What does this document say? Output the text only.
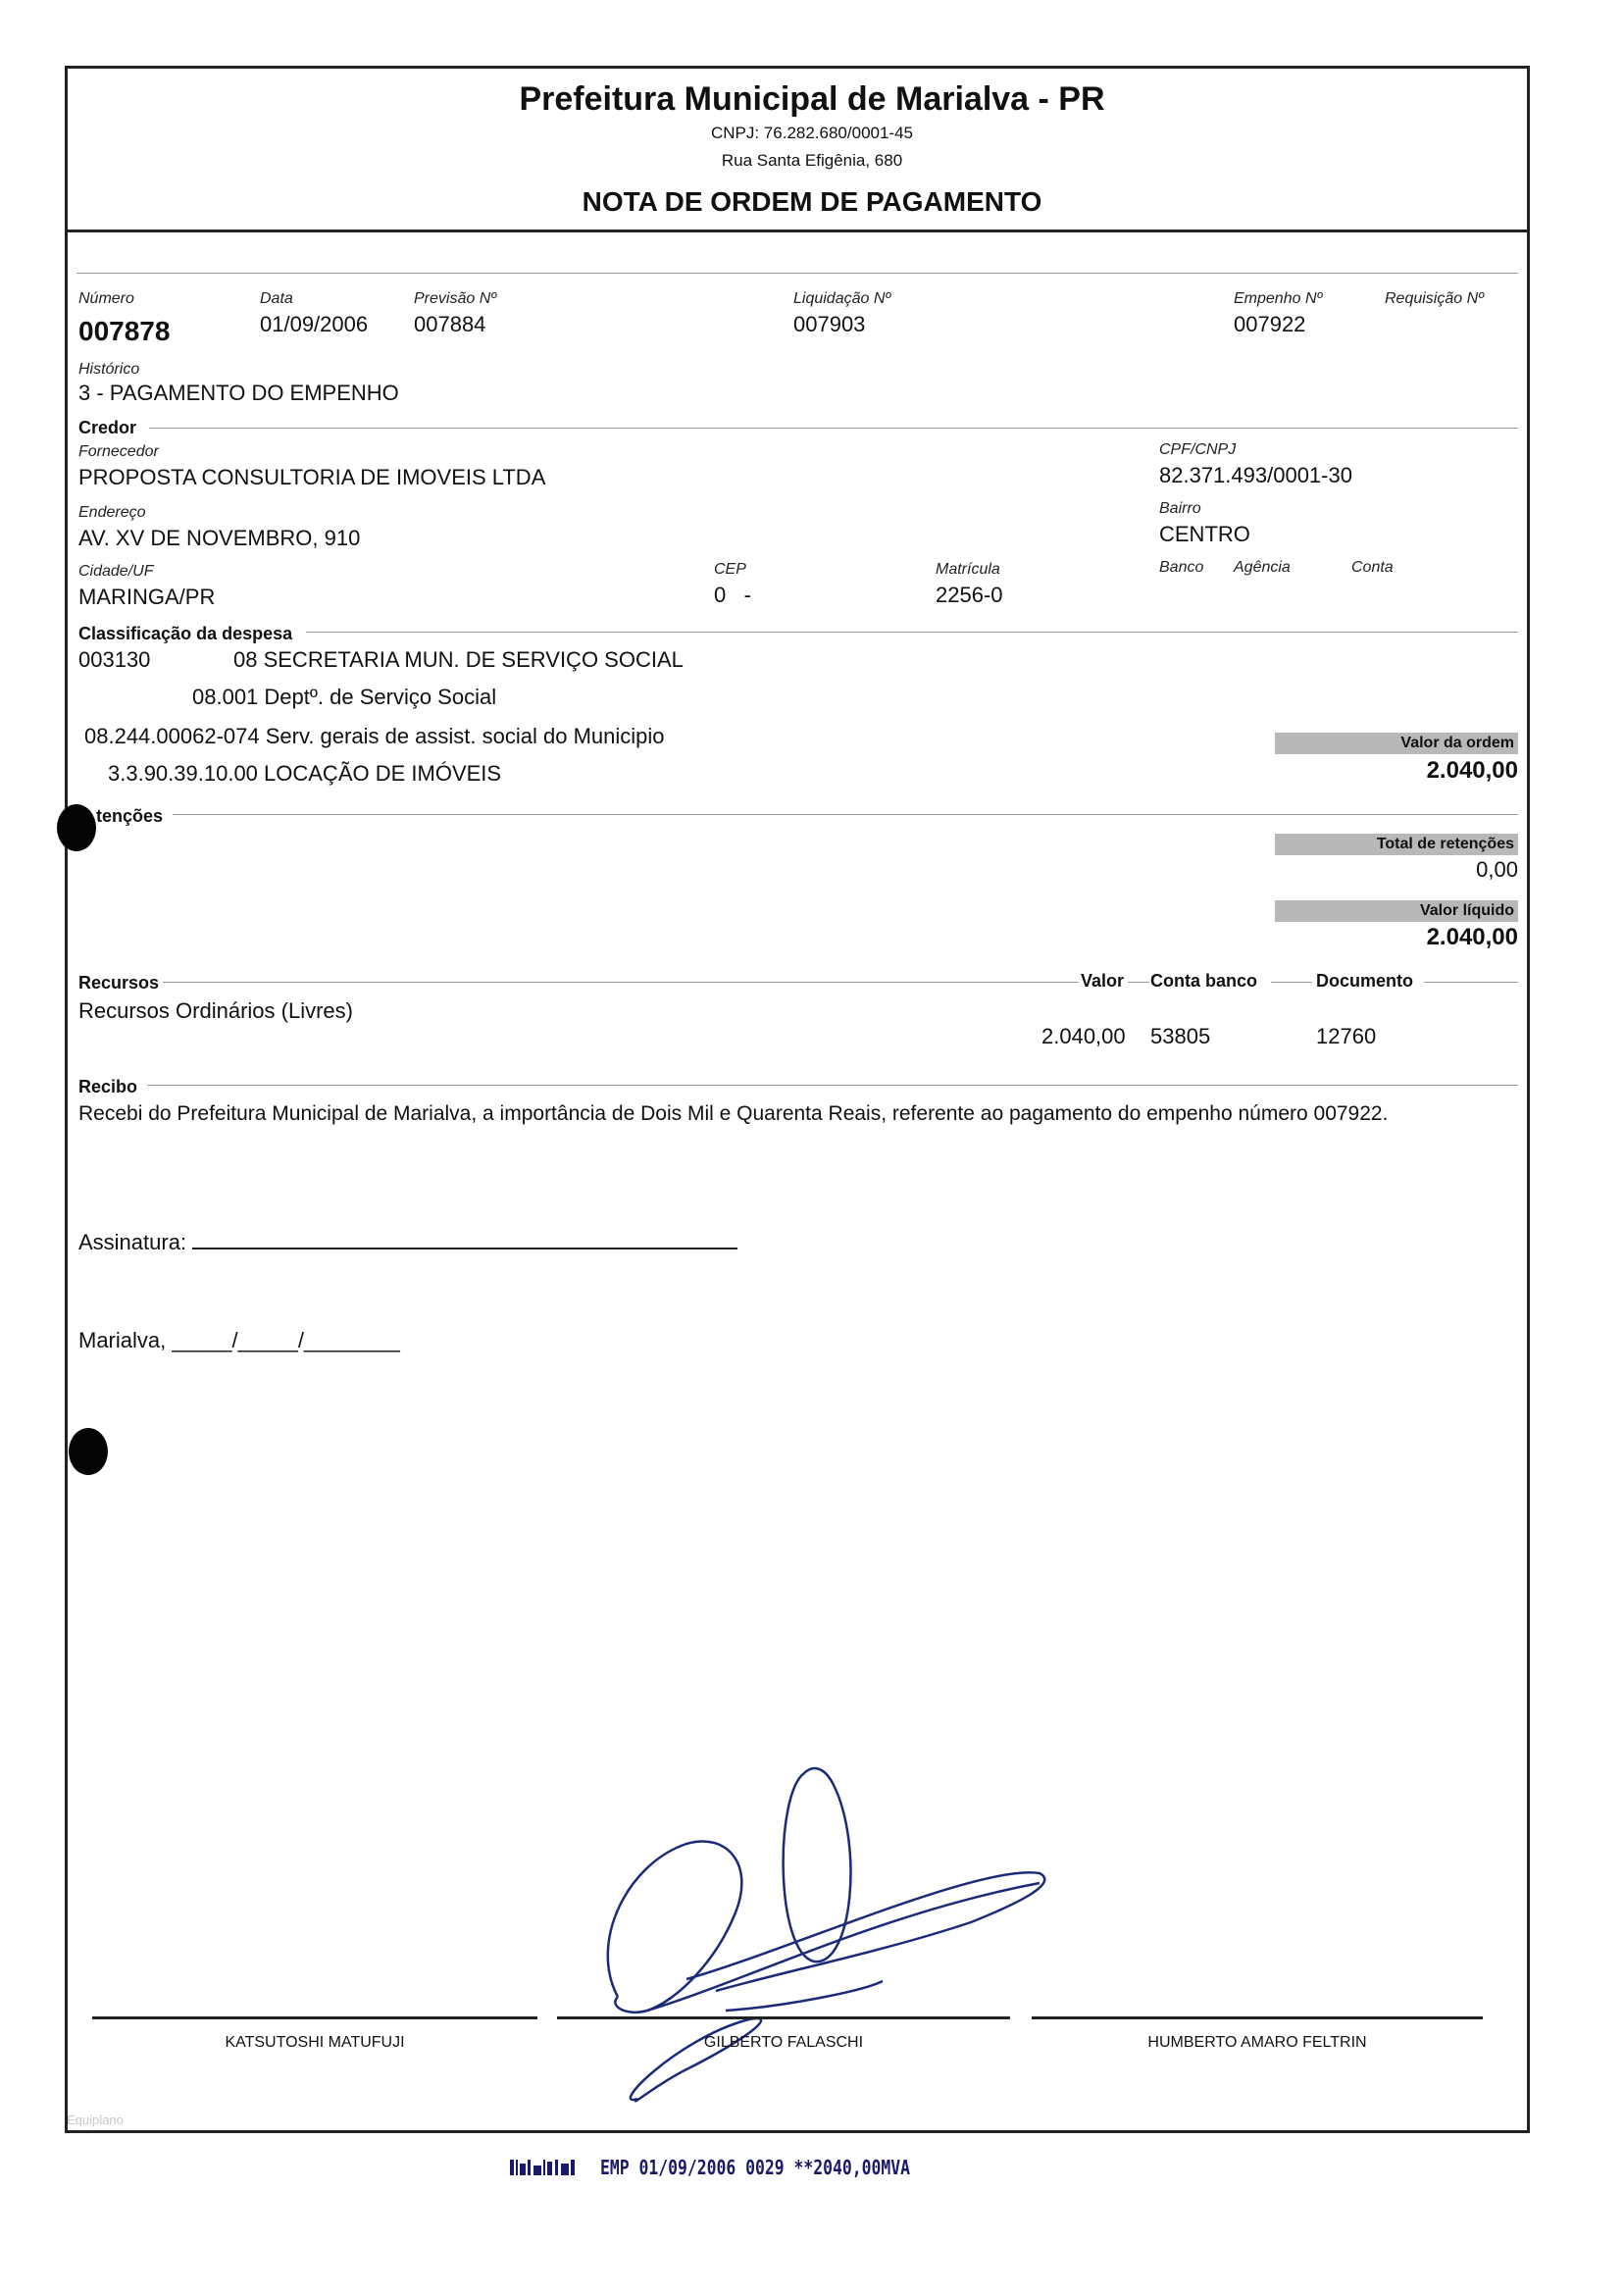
Prefeitura Municipal de Marialva - PR
CNPJ: 76.282.680/0001-45
Rua Santa Efigênia, 680
NOTA DE ORDEM DE PAGAMENTO
Número
007878
Data
01/09/2006
Previsão Nº
007884
Liquidação Nº
007903
Empenho Nº
007922
Requisição Nº
Histórico
3 - PAGAMENTO DO EMPENHO
Credor
Fornecedor
PROPOSTA CONSULTORIA DE IMOVEIS LTDA
CPF/CNPJ
82.371.493/0001-30
Endereço
AV. XV DE NOVEMBRO, 910
Bairro
CENTRO
Cidade/UF
MARINGA/PR
CEP
0   -
Matrícula
2256-0
Banco Agência	Conta
Classificação da despesa
003130	08 SECRETARIA MUN. DE SERVIÇO SOCIAL
08.001 Deptº. de Serviço Social
08.244.00062-074 Serv. gerais de assist. social do Municipio
3.3.90.39.10.00 LOCAÇÃO DE IMÓVEIS
Valor da ordem
2.040,00
tenções
Total de retenções
0,00
Valor líquido
2.040,00
Recursos	Valor Conta banco	Documento
Recursos Ordinários (Livres)
2.040,00 53805	12760
Recibo
Recebi do Prefeitura Municipal de Marialva, a importância de Dois Mil e Quarenta Reais, referente ao pagamento do empenho número 007922.
Assinatura:
Marialva, _____/_____/________
KATSUTOSHI MATUFUJI	GILBERTO FALASCHI	HUMBERTO AMARO FELTRIN
Equiplano
EMP 01/09/2006 0029 **2040,00MVA
